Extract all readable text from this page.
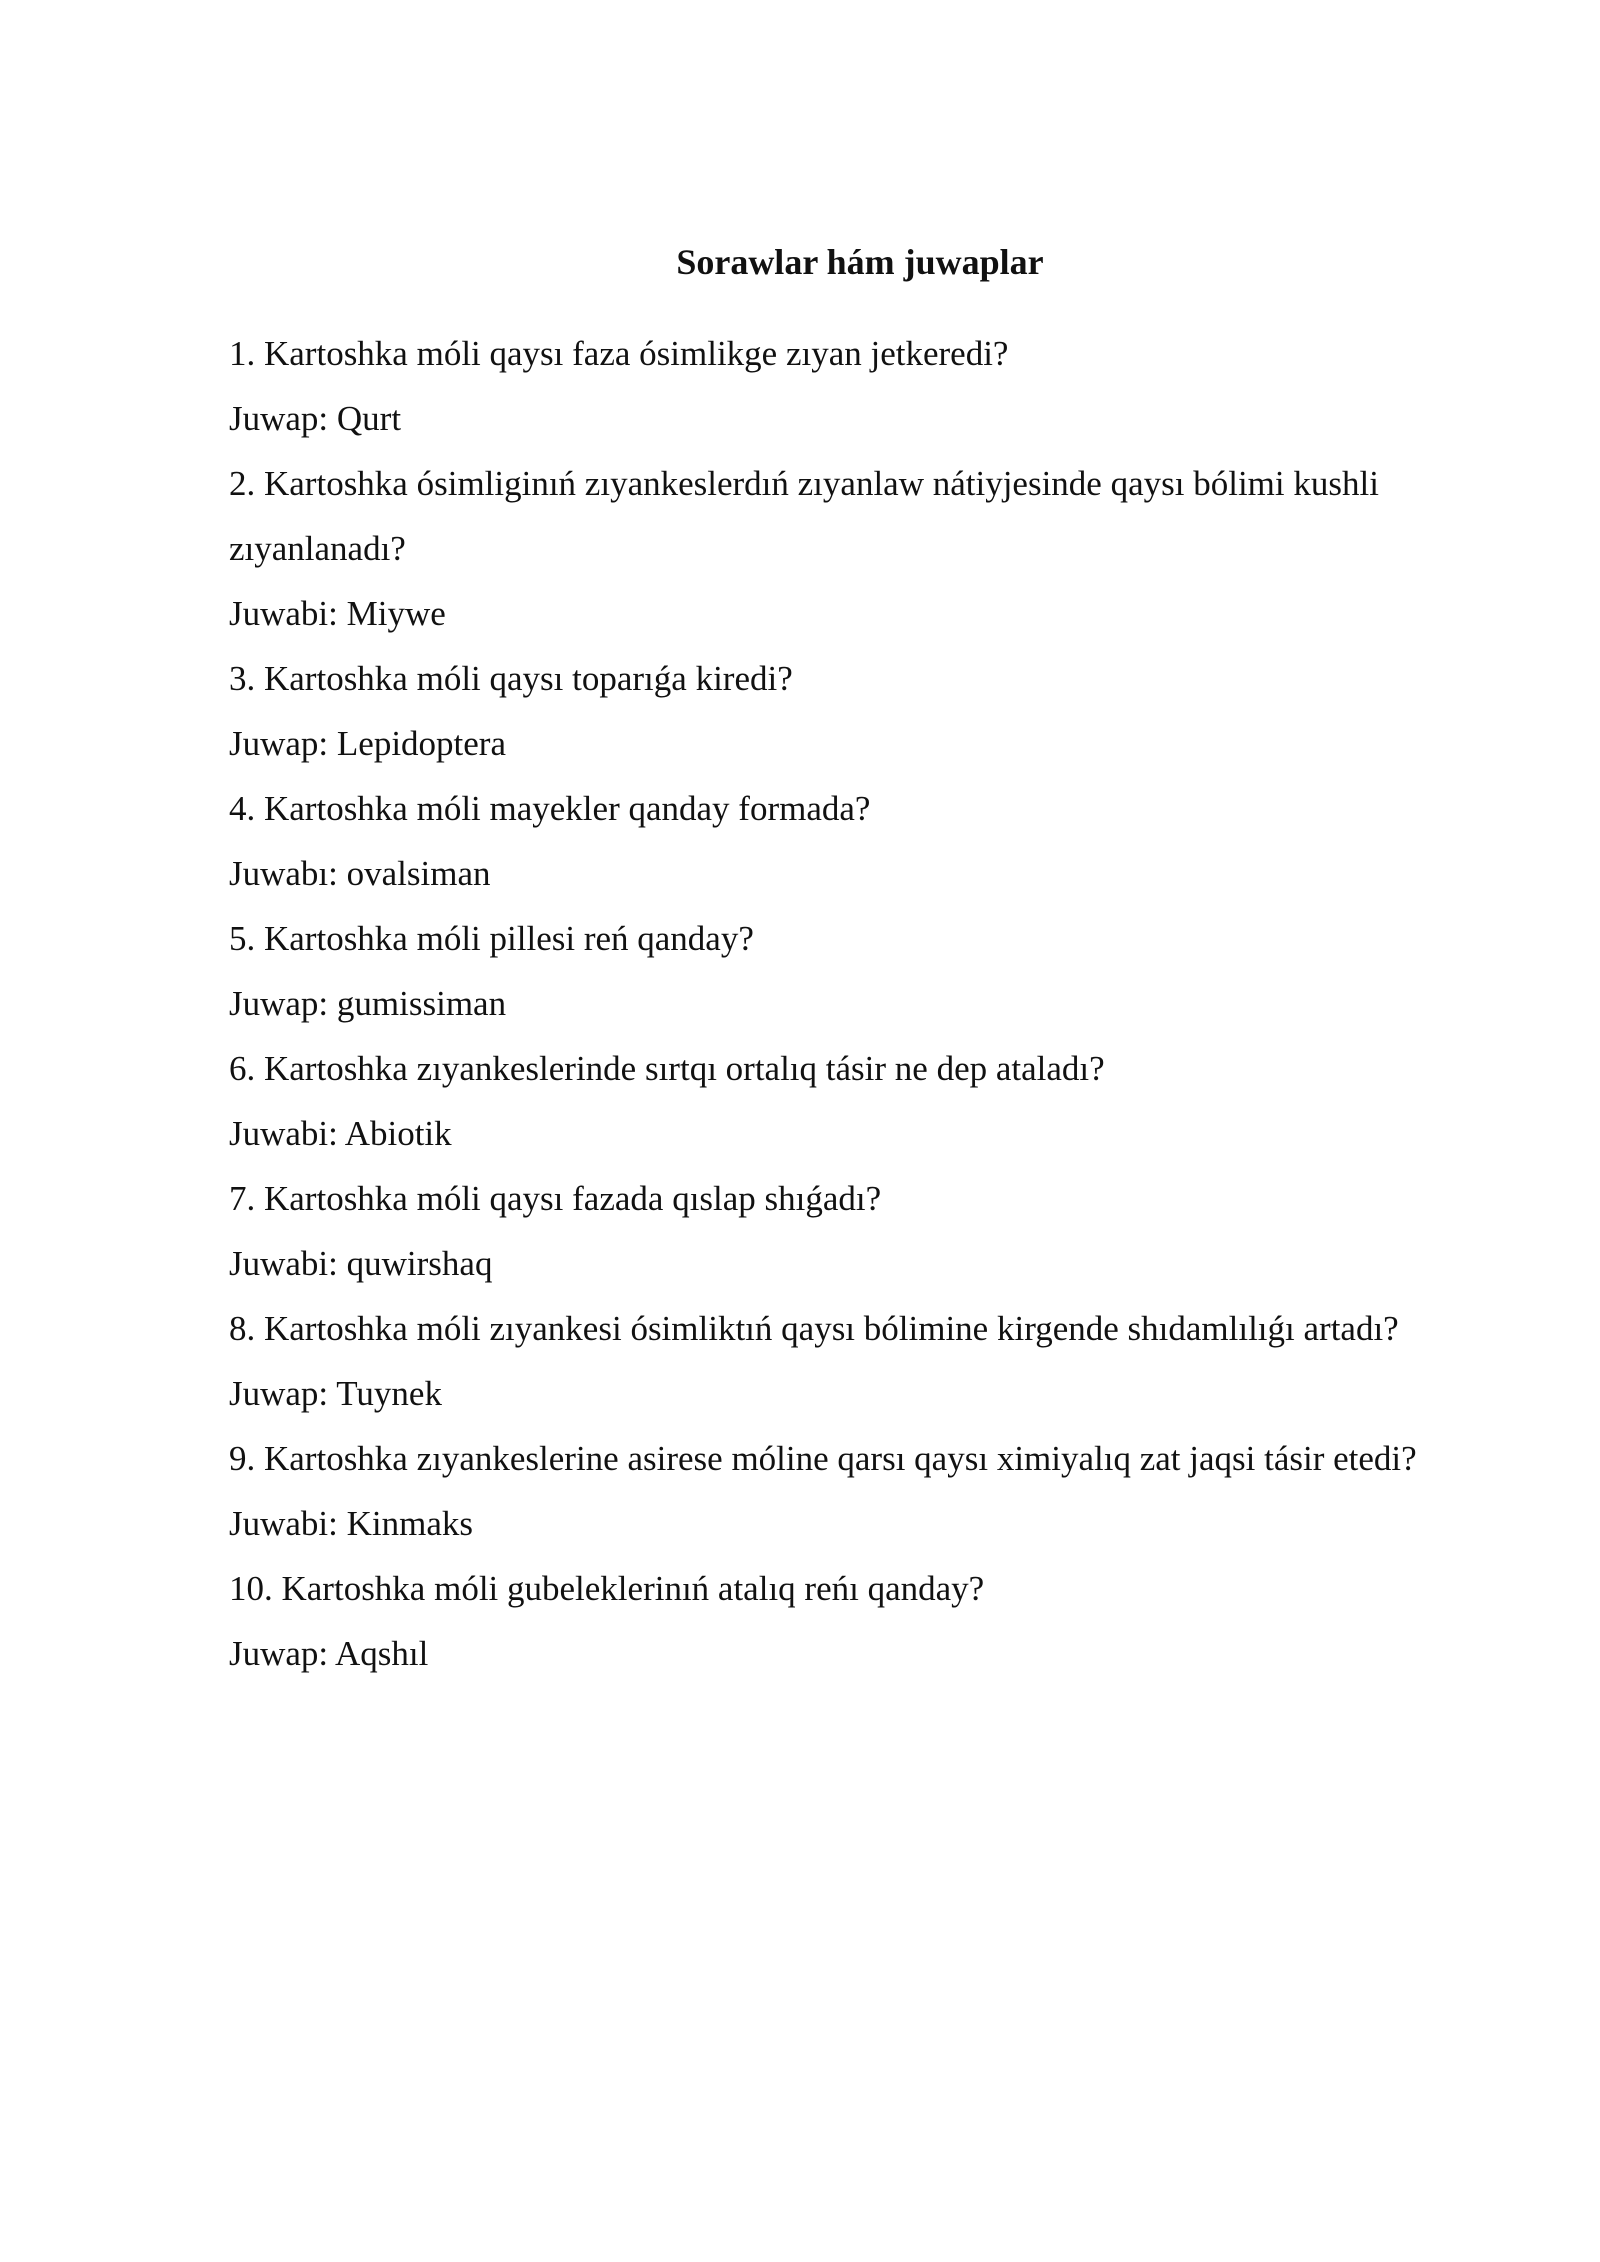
Sorawlar hám juwaplar

1. Kartoshka móli qaysı faza ósimlikge zıyan jetkeredi?

Juwap: Qurt

2. Kartoshka ósimliginıń zıyankeslerdıń zıyanlaw nátiyjesinde qaysı bólimi kushli zıyanlanadı?

Juwabi: Miywe

3. Kartoshka móli qaysı toparıǵa kiredi?

Juwap: Lepidoptera

4. Kartoshka móli mayekler qanday formada?

Juwabı: ovalsiman

5. Kartoshka móli pillesi reń qanday?

Juwap: gumissiman

6. Kartoshka zıyankeslerinde sırtqı ortalıq tásir ne dep ataladı?

Juwabi: Abiotik

7. Kartoshka móli qaysı fazada qıslap shıǵadı?

Juwabi: quwirshaq

8. Kartoshka móli zıyankesi ósimliktıń qaysı bólimine kirgende shıdamlılıǵı artadı?

Juwap: Tuynek

9. Kartoshka zıyankeslerine asirese móline qarsı qaysı ximiyalıq zat jaqsi tásir etedi?

Juwabi: Kinmaks

10. Kartoshka móli gubeleklerinıń atalıq reńı qanday?

Juwap: Aqshıl
